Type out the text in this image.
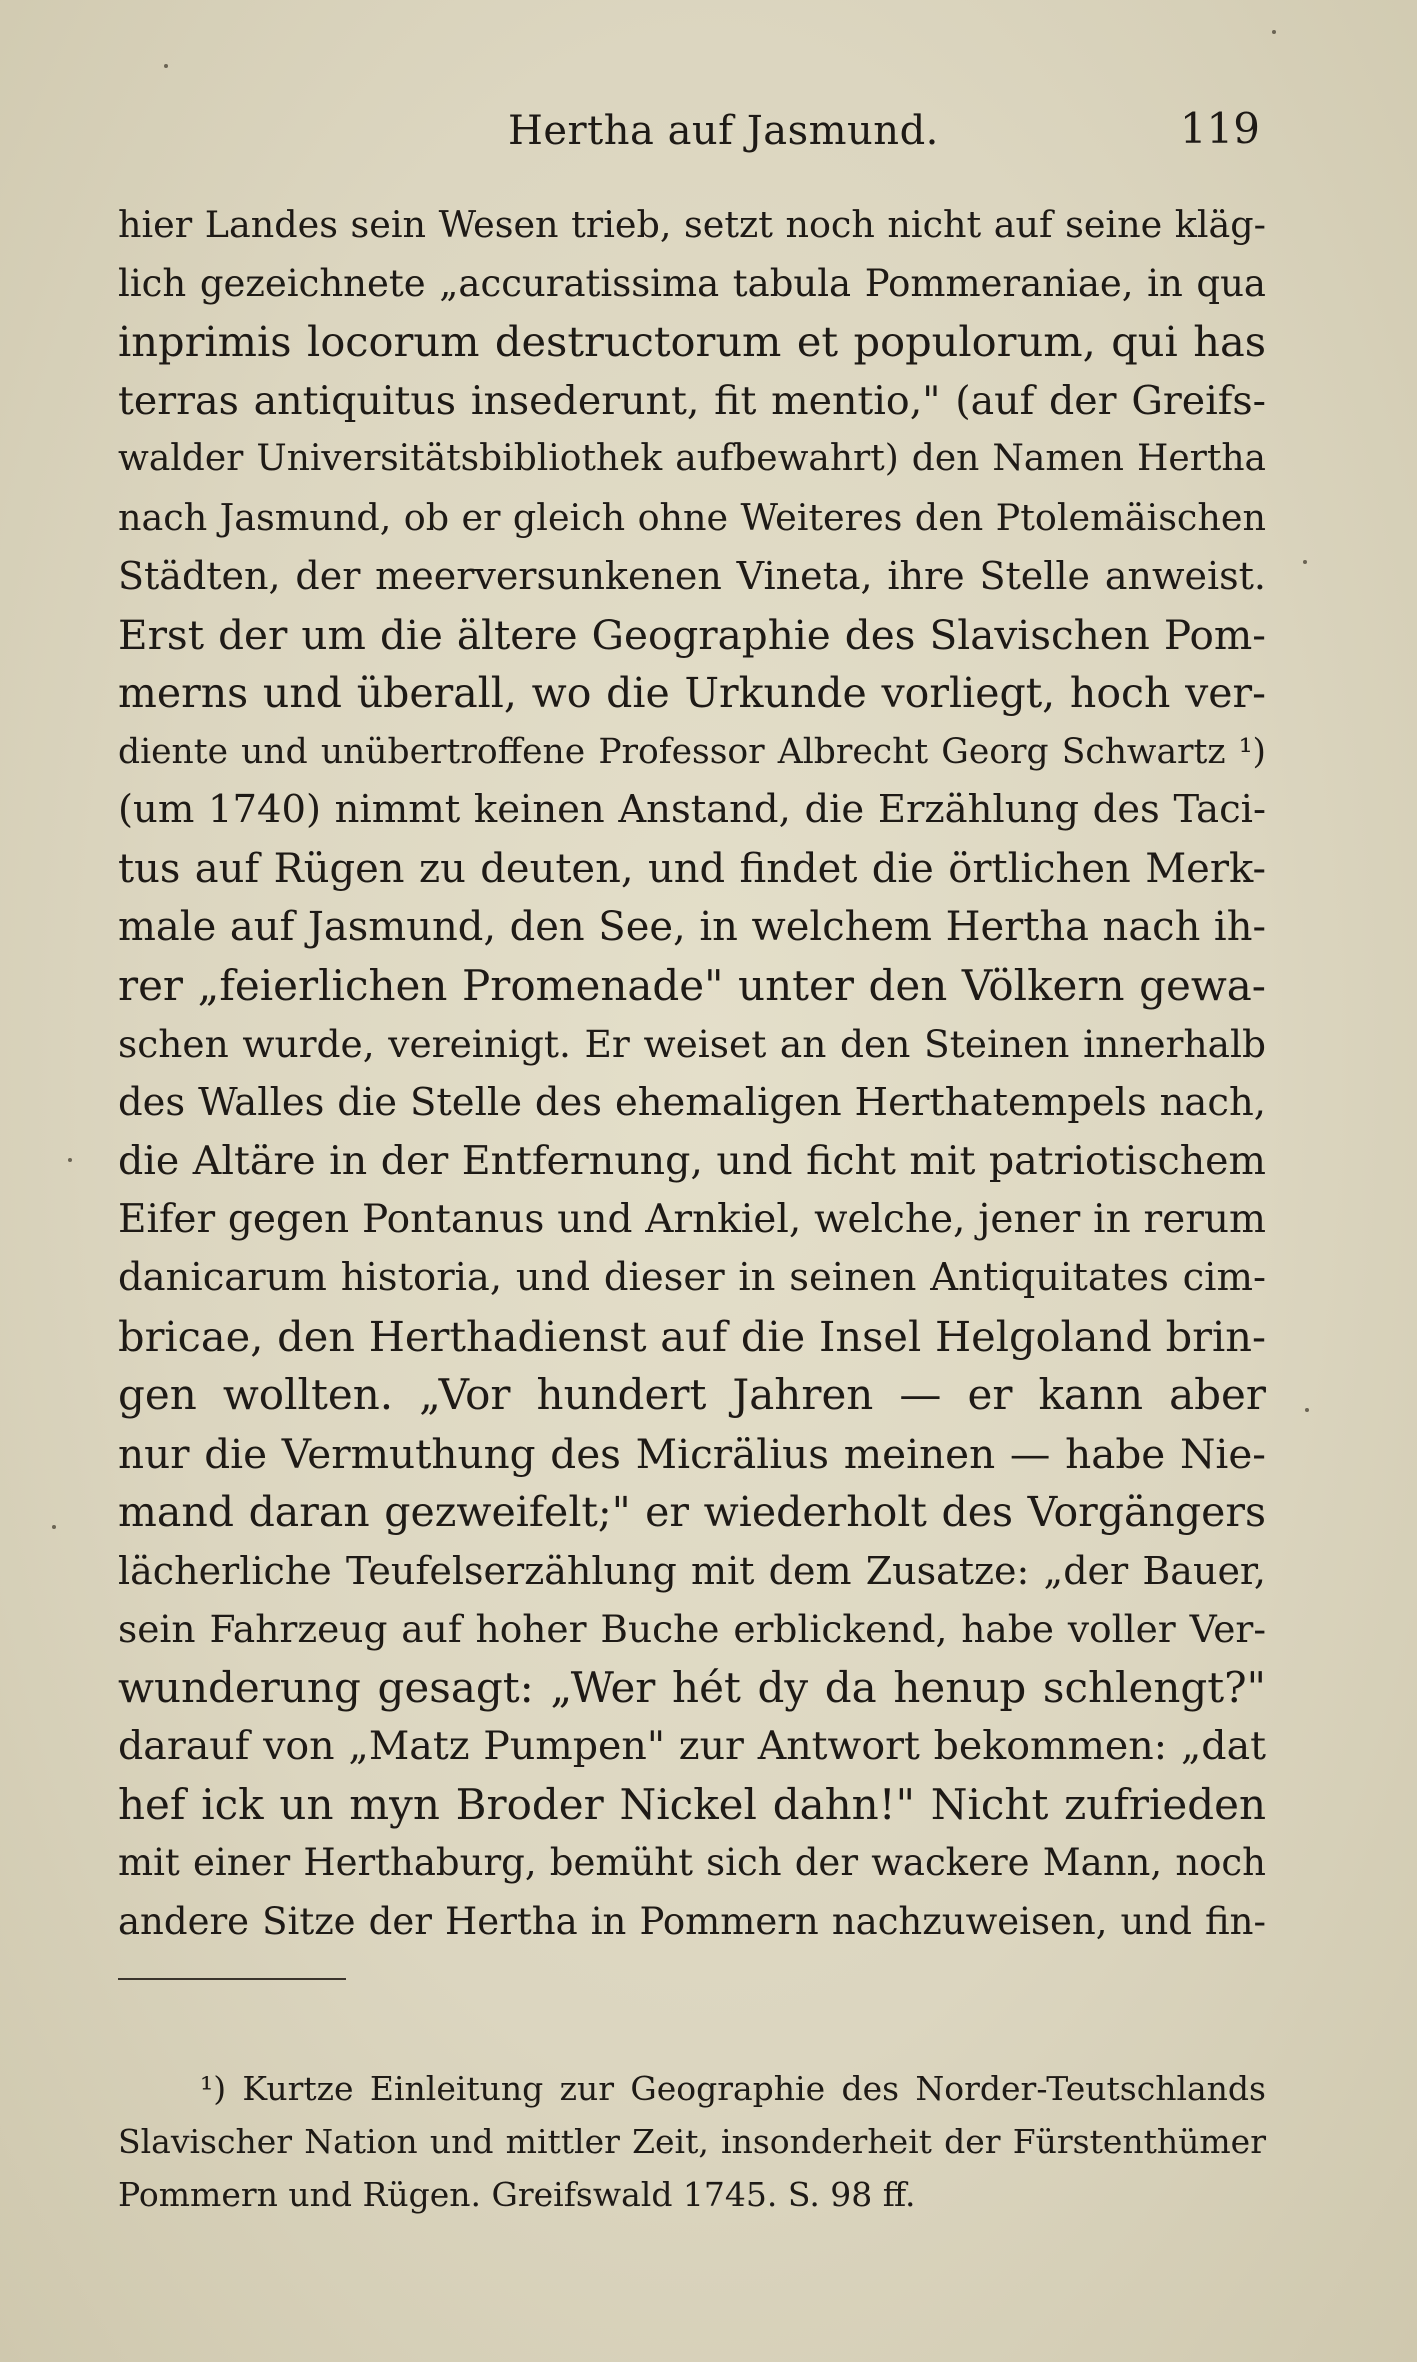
Hertha auf Jasmund.	119
hier Landes sein Wesen trieb, setzt noch nicht auf seine kläg-
lich gezeichnete „accuratissima tabula Pommeraniae, in qua
inprimis locorum destructorum et populorum, qui has
terras antiquitus insederunt, fit mentio," (auf der Greifs-
walder Universitätsbibliothek aufbewahrt) den Namen Hertha
nach Jasmund, ob er gleich ohne Weiteres den Ptolemäischen
Städten, der meerversunkenen Vineta, ihre Stelle anweist.
Erst der um die ältere Geographie des Slavischen Pom-
merns und überall, wo die Urkunde vorliegt, hoch ver-
diente und unübertroffene Professor Albrecht Georg Schwartz ¹)
(um 1740) nimmt keinen Anstand, die Erzählung des Taci-
tus auf Rügen zu deuten, und findet die örtlichen Merk-
male auf Jasmund, den See, in welchem Hertha nach ih-
rer „feierlichen Promenade" unter den Völkern gewa-
schen wurde, vereinigt. Er weiset an den Steinen innerhalb
des Walles die Stelle des ehemaligen Herthatempels nach,
die Altäre in der Entfernung, und ficht mit patriotischem
Eifer gegen Pontanus und Arnkiel, welche, jener in rerum
danicarum historia, und dieser in seinen Antiquitates cim-
bricae, den Herthadienst auf die Insel Helgoland brin-
gen wollten. „Vor hundert Jahren — er kann aber
nur die Vermuthung des Micrälius meinen — habe Nie-
mand daran gezweifelt;" er wiederholt des Vorgängers
lächerliche Teufelserzählung mit dem Zusatze: „der Bauer,
sein Fahrzeug auf hoher Buche erblickend, habe voller Ver-
wunderung gesagt: „Wer hét dy da henup schlengt?"
darauf von „Matz Pumpen" zur Antwort bekommen: „dat
hef ick un myn Broder Nickel dahn!" Nicht zufrieden
mit einer Herthaburg, bemüht sich der wackere Mann, noch
andere Sitze der Hertha in Pommern nachzuweisen, und fin-
¹) Kurtze Einleitung zur Geographie des Norder-Teutschlands
Slavischer Nation und mittler Zeit, insonderheit der Fürstenthümer
Pommern und Rügen. Greifswald 1745. S. 98 ff.
